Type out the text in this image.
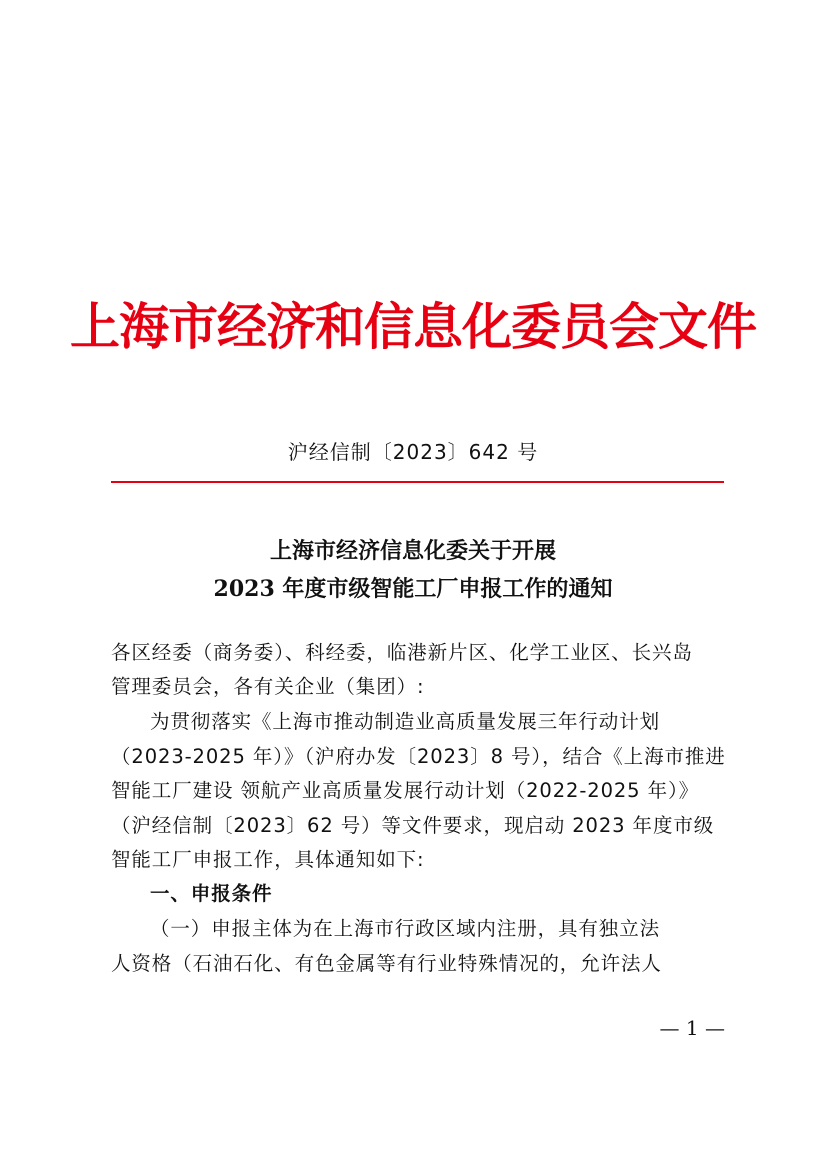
上海市经济和信息化委员会文件
沪经信制〔2023〕642 号
上海市经济信息化委关于开展
2023 年度市级智能工厂申报工作的通知
各区经委（商务委）、科经委，临港新片区、化学工业区、长兴岛
管理委员会，各有关企业（集团）:
为贯彻落实《上海市推动制造业高质量发展三年行动计划
（2023-2025 年）》（沪府办发〔2023〕8 号），结合《上海市推进
智能工厂建设 领航产业高质量发展行动计划（2022-2025 年）》
（沪经信制〔2023〕62 号）等文件要求，现启动 2023 年度市级
智能工厂申报工作，具体通知如下:
一、申报条件
（一）申报主体为在上海市行政区域内注册，具有独立法
人资格（石油石化、有色金属等有行业特殊情况的，允许法人
— 1 —
